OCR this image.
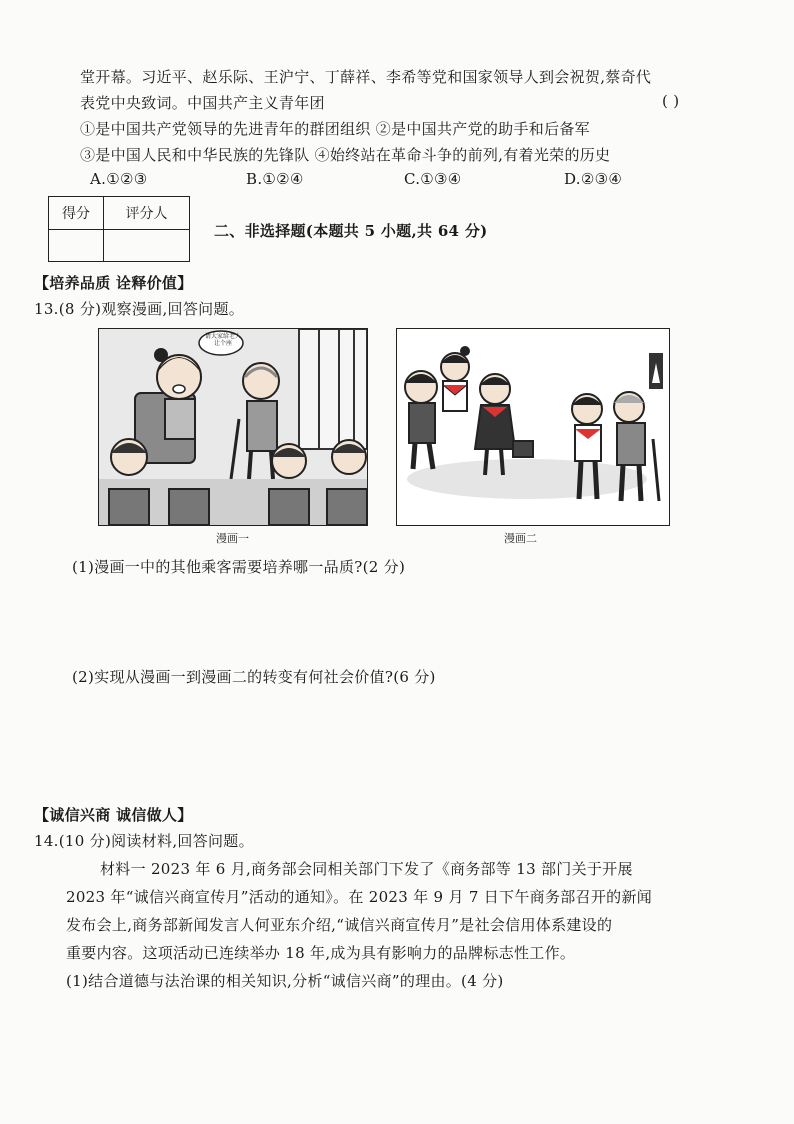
堂开幕。习近平、赵乐际、王沪宁、丁薛祥、李希等党和国家领导人到会祝贺,蔡奇代
表党中央致词。中国共产主义青年团	( )
①是中国共产党领导的先进青年的群团组织 ②是中国共产党的助手和后备军
③是中国人民和中华民族的先锋队 ④始终站在革命斗争的前列,有着光荣的历史
A.①②③	B.①②④	C.①③④	D.②③④
得分	评分人

二、非选择题(本题共 5 小题,共 64 分)
【培养品质 诠释价值】
13.(8 分)观察漫画,回答问题。
请大家给老人让个座
漫画一	漫画二
(1)漫画一中的其他乘客需要培养哪一品质?(2 分)
(2)实现从漫画一到漫画二的转变有何社会价值?(6 分)
【诚信兴商 诚信做人】
14.(10 分)阅读材料,回答问题。
材料一 2023 年 6 月,商务部会同相关部门下发了《商务部等 13 部门关于开展
2023 年“诚信兴商宣传月”活动的通知》。在 2023 年 9 月 7 日下午商务部召开的新闻
发布会上,商务部新闻发言人何亚东介绍,“诚信兴商宣传月”是社会信用体系建设的
重要内容。这项活动已连续举办 18 年,成为具有影响力的品牌标志性工作。
(1)结合道德与法治课的相关知识,分析“诚信兴商”的理由。(4 分)
